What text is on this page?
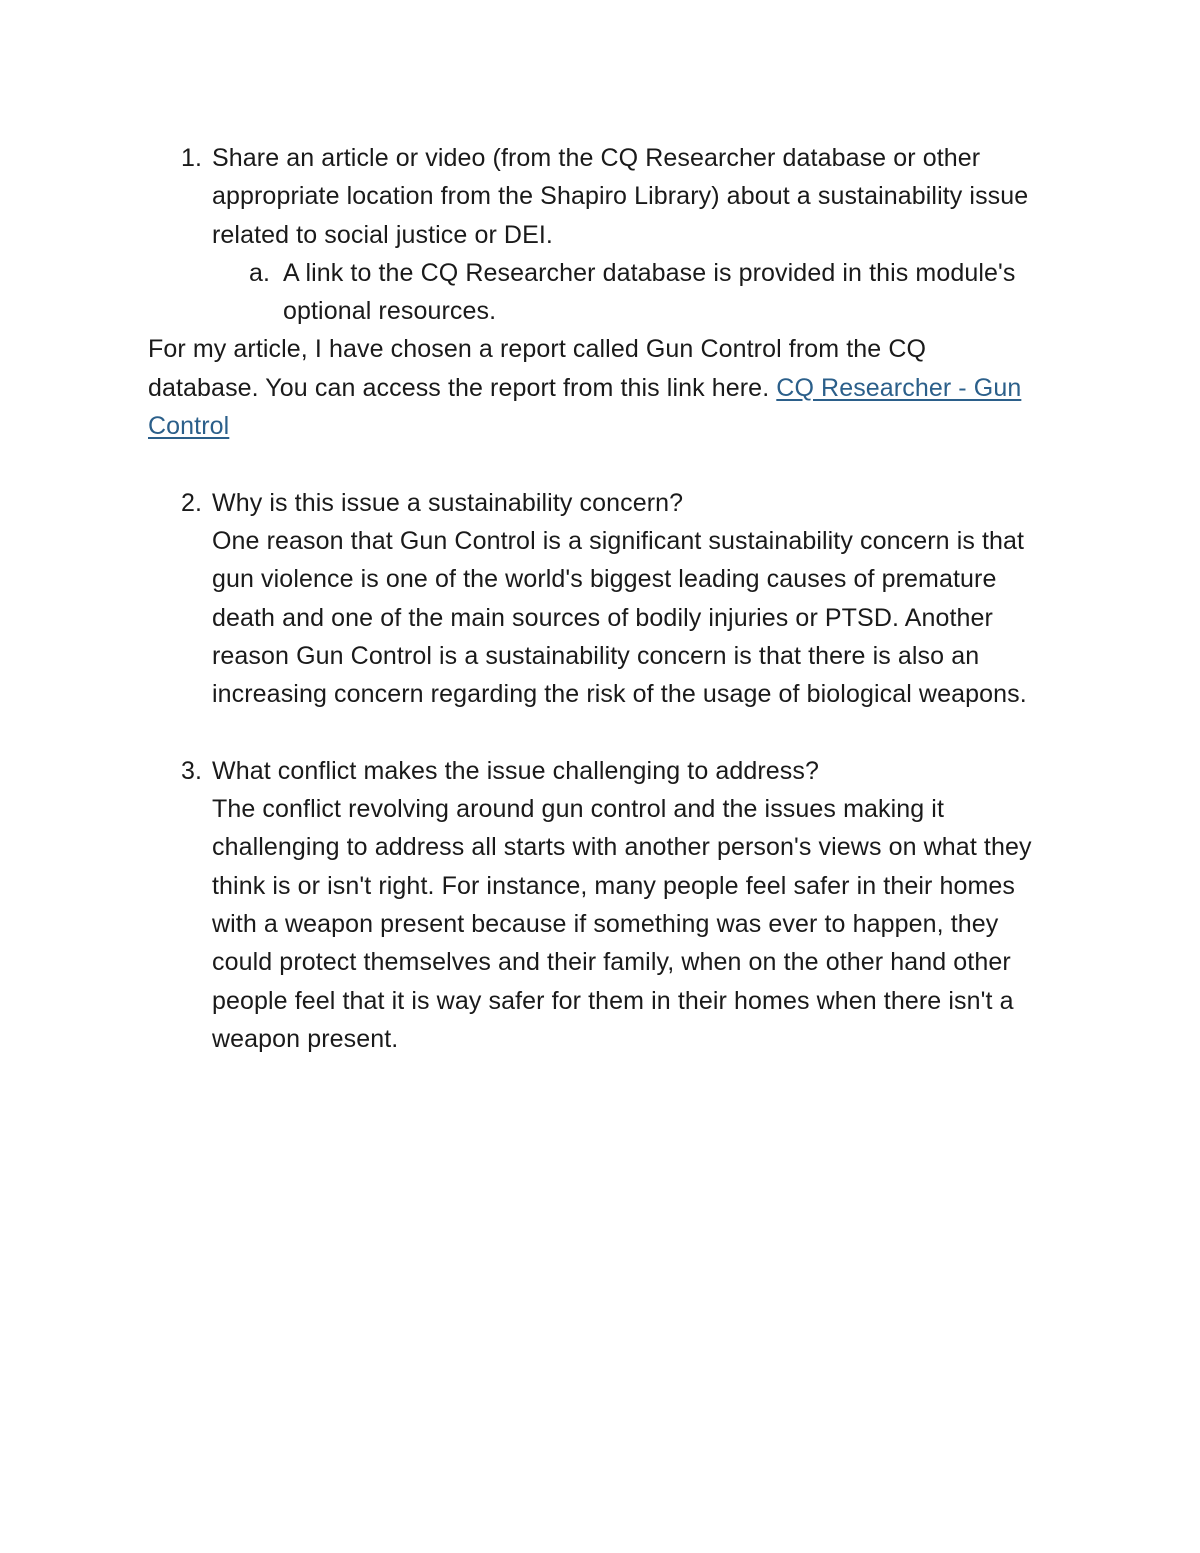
1. Share an article or video (from the CQ Researcher database or other appropriate location from the Shapiro Library) about a sustainability issue related to social justice or DEI.
a. A link to the CQ Researcher database is provided in this module's optional resources.
For my article, I have chosen a report called Gun Control from the CQ database. You can access the report from this link here. CQ Researcher - Gun Control
2. Why is this issue a sustainability concern?
One reason that Gun Control is a significant sustainability concern is that gun violence is one of the world's biggest leading causes of premature death and one of the main sources of bodily injuries or PTSD. Another reason Gun Control is a sustainability concern is that there is also an increasing concern regarding the risk of the usage of biological weapons.
3. What conflict makes the issue challenging to address?
The conflict revolving around gun control and the issues making it challenging to address all starts with another person's views on what they think is or isn't right. For instance, many people feel safer in their homes with a weapon present because if something was ever to happen, they could protect themselves and their family, when on the other hand other people feel that it is way safer for them in their homes when there isn't a weapon present.
